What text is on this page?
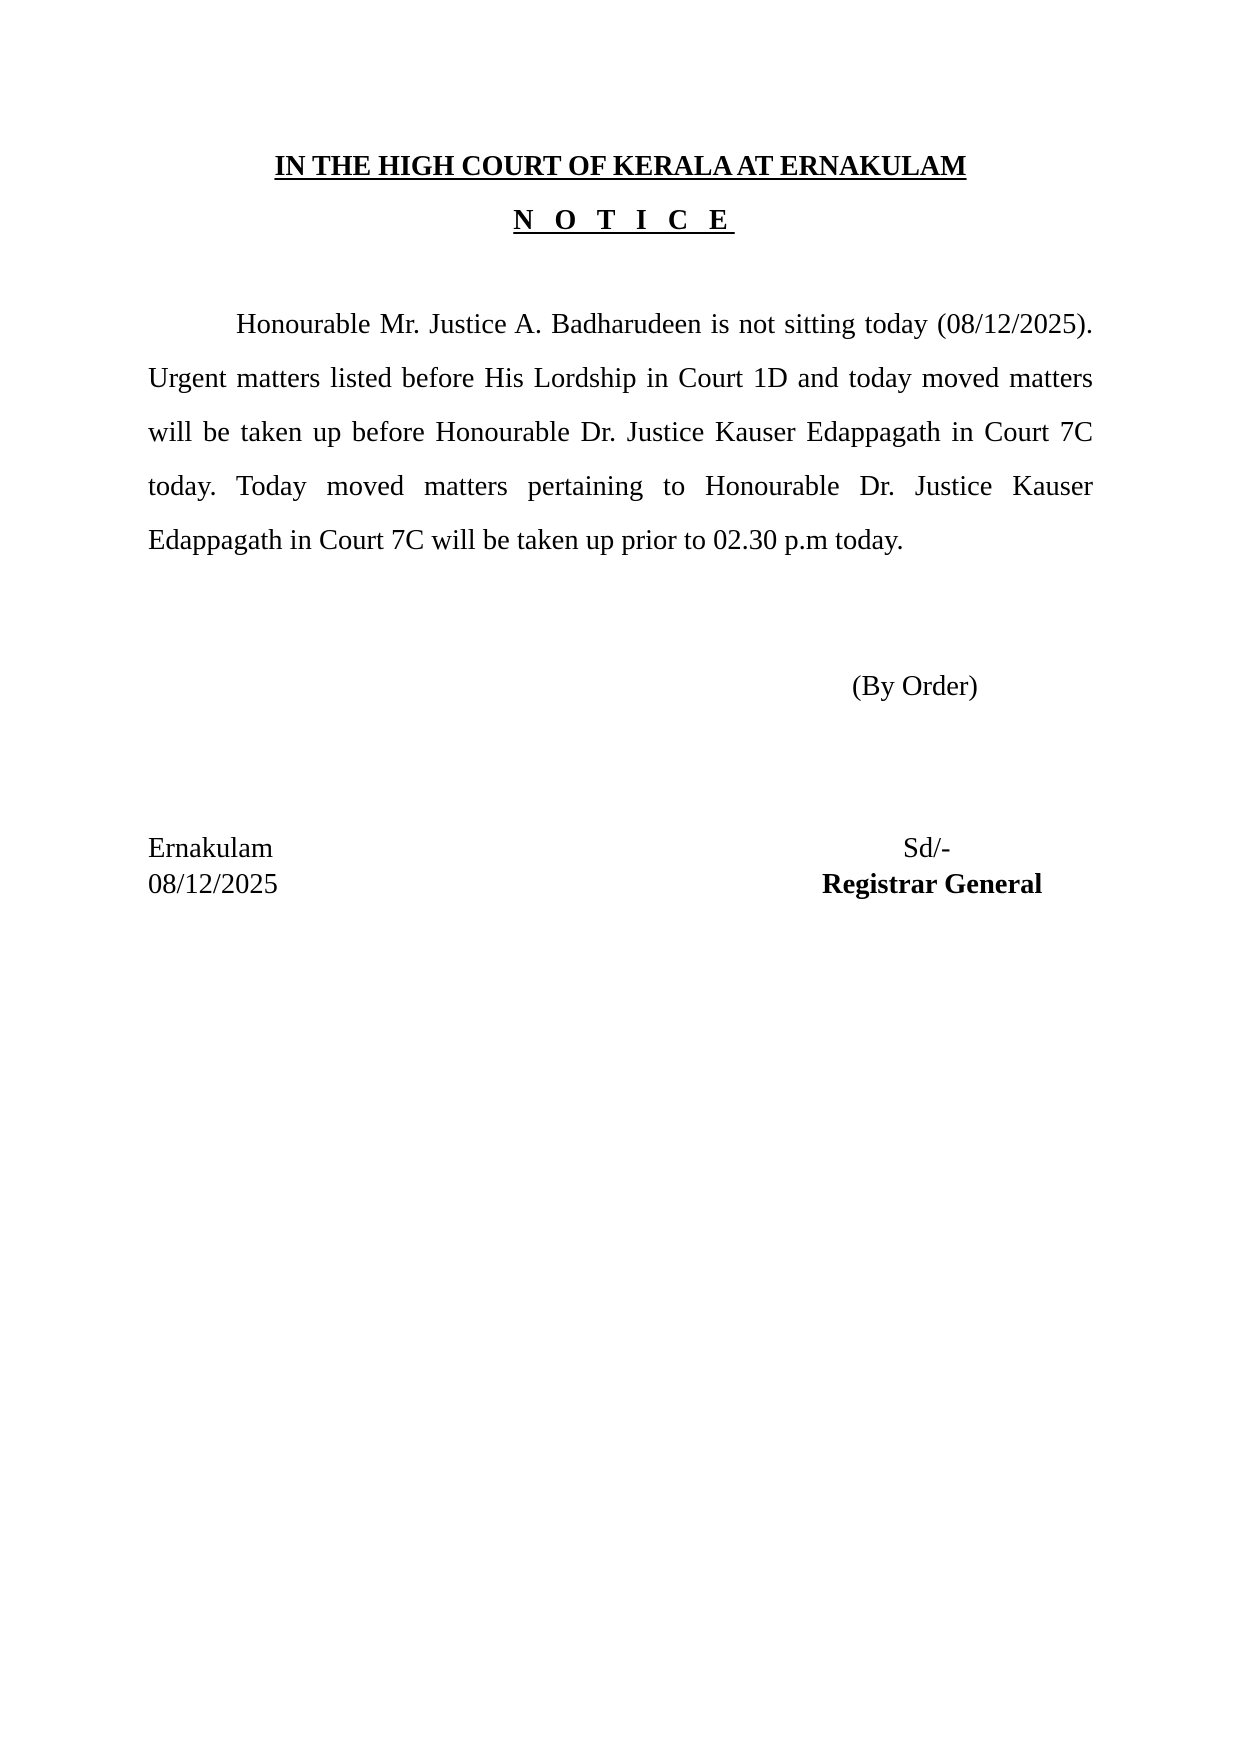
IN THE HIGH COURT OF KERALA AT ERNAKULAM
N O T I C E

Honourable Mr. Justice A. Badharudeen is not sitting today (08/12/2025). Urgent matters listed before His Lordship in Court 1D and today moved matters will be taken up before Honourable Dr. Justice Kauser Edappagath in Court 7C today. Today moved matters pertaining to Honourable Dr. Justice Kauser Edappagath in Court 7C will be taken up prior to 02.30 p.m today.

(By Order)
Ernakulam
08/12/2025
Sd/-
Registrar General
